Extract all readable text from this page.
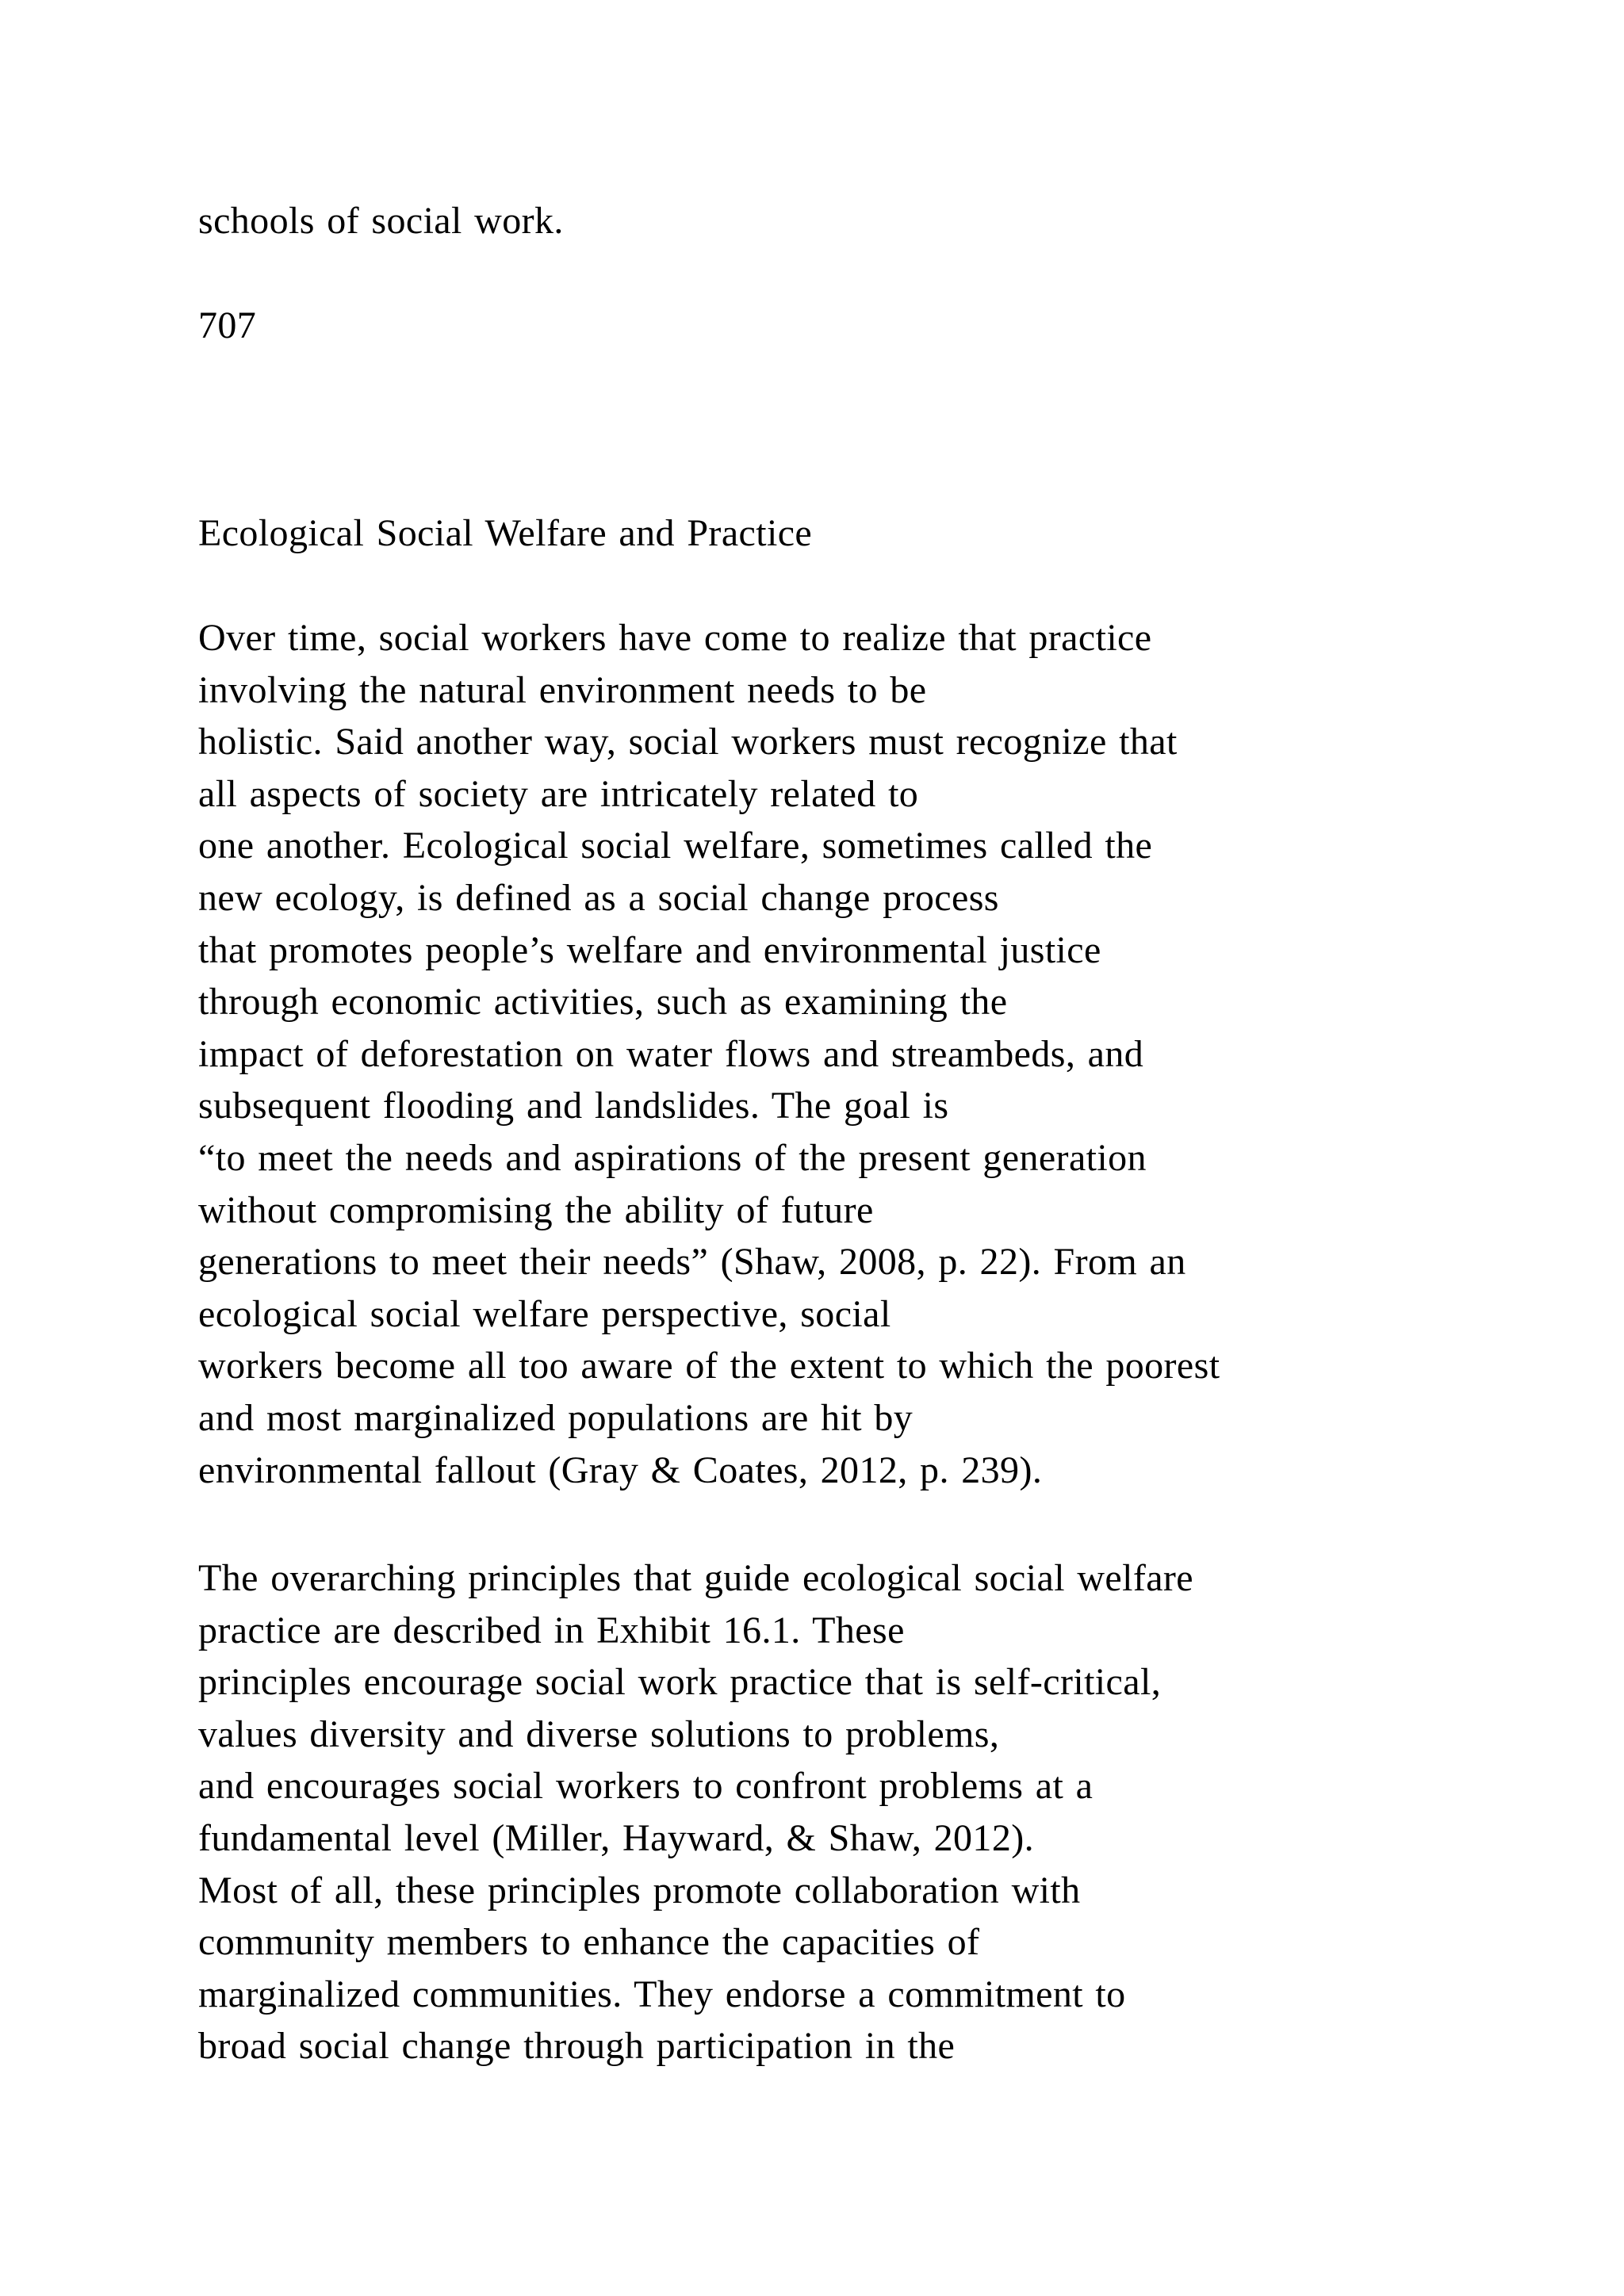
schools of social work.
707
Ecological Social Welfare and Practice
Over time, social workers have come to realize that practice
involving the natural environment needs to be
holistic. Said another way, social workers must recognize that
all aspects of society are intricately related to
one another. Ecological social welfare, sometimes called the
new ecology, is defined as a social change process
that promotes people’s welfare and environmental justice
through economic activities, such as examining the
impact of deforestation on water flows and streambeds, and
subsequent flooding and landslides. The goal is
“to meet the needs and aspirations of the present generation
without compromising the ability of future
generations to meet their needs” (Shaw, 2008, p. 22). From an
ecological social welfare perspective, social
workers become all too aware of the extent to which the poorest
and most marginalized populations are hit by
environmental fallout (Gray & Coates, 2012, p. 239).
The overarching principles that guide ecological social welfare
practice are described in Exhibit 16.1. These
principles encourage social work practice that is self-critical,
values diversity and diverse solutions to problems,
and encourages social workers to confront problems at a
fundamental level (Miller, Hayward, & Shaw, 2012).
Most of all, these principles promote collaboration with
community members to enhance the capacities of
marginalized communities. They endorse a commitment to
broad social change through participation in the
